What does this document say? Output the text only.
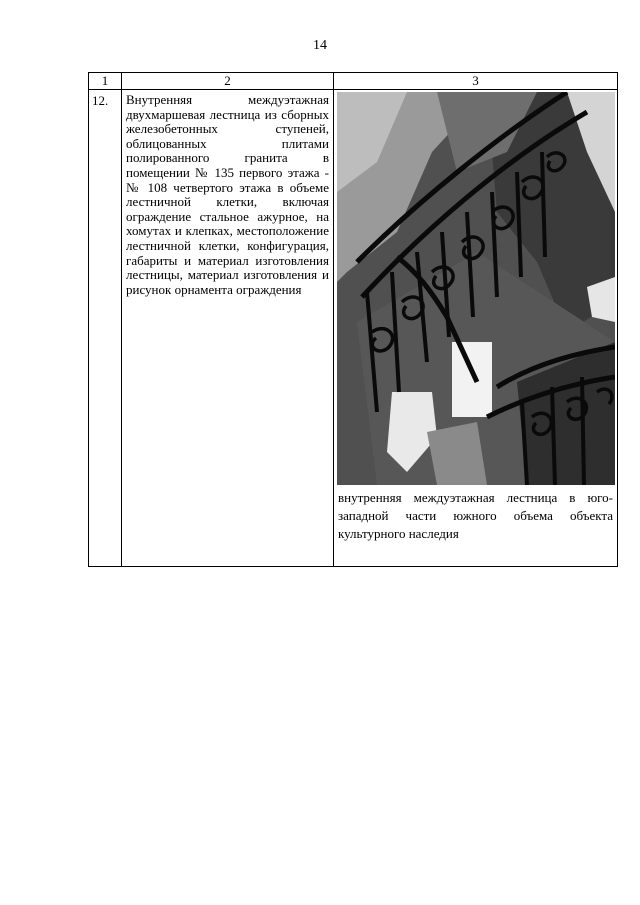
14
1	2	3
12.	Внутренняя междуэтажная двухмаршевая лестница из сборных железобетонных ступеней, облицованных плитами полированного гранита в помещении № 135 первого этажа - № 108 четвертого этажа в объеме лестничной клетки, включая ограждение стальное ажурное, на хомутах и клепках, местоположение лестничной клетки, конфигурация, габариты и материал изготовления лестницы, материал изготовления и рисунок орнамента ограждения	внутренняя междуэтажная лестница в юго-западной части южного объема объекта культурного наследия
